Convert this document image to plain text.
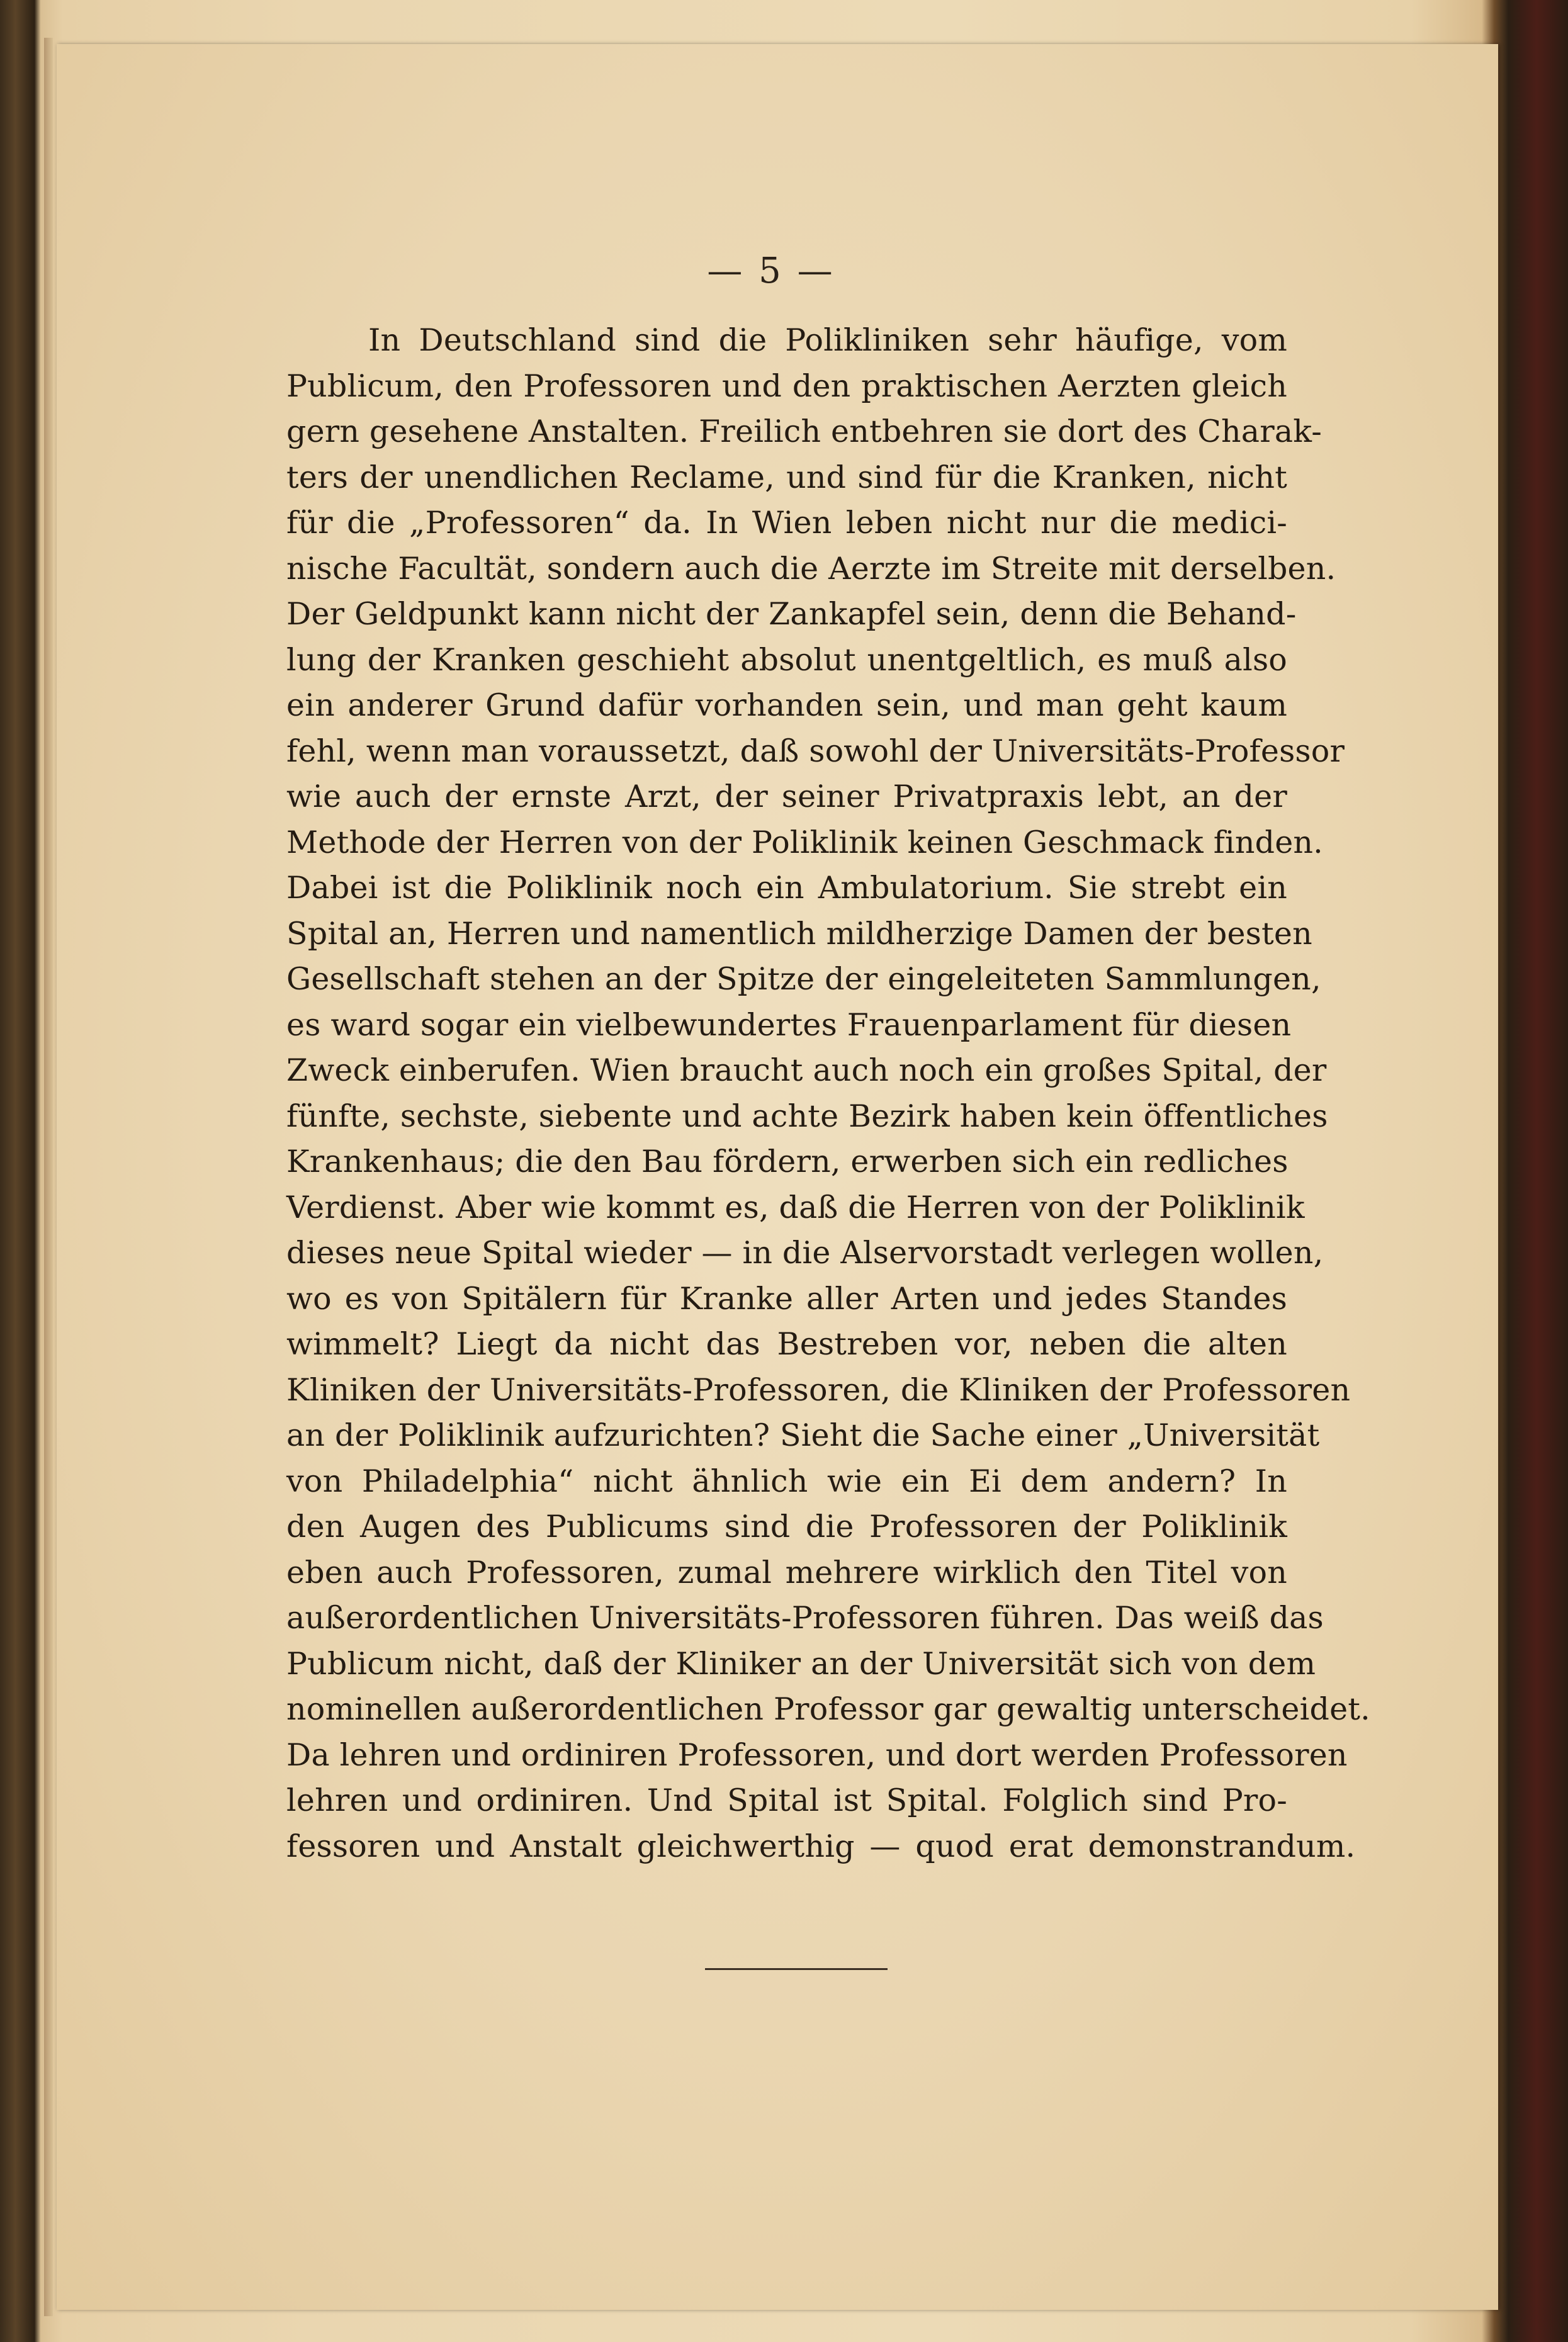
— 5 —
In Deutschland sind die Polikliniken sehr häufige, vom
Publicum, den Professoren und den praktischen Aerzten gleich
gern gesehene Anstalten. Freilich entbehren sie dort des Charak-
ters der unendlichen Reclame, und sind für die Kranken, nicht
für die „Professoren“ da. In Wien leben nicht nur die medici-
nische Facultät, sondern auch die Aerzte im Streite mit derselben.
Der Geldpunkt kann nicht der Zankapfel sein, denn die Behand-
lung der Kranken geschieht absolut unentgeltlich, es muß also
ein anderer Grund dafür vorhanden sein, und man geht kaum
fehl, wenn man voraussetzt, daß sowohl der Universitäts-Professor
wie auch der ernste Arzt, der seiner Privatpraxis lebt, an der
Methode der Herren von der Poliklinik keinen Geschmack finden.
Dabei ist die Poliklinik noch ein Ambulatorium. Sie strebt ein
Spital an, Herren und namentlich mildherzige Damen der besten
Gesellschaft stehen an der Spitze der eingeleiteten Sammlungen,
es ward sogar ein vielbewundertes Frauenparlament für diesen
Zweck einberufen. Wien braucht auch noch ein großes Spital, der
fünfte, sechste, siebente und achte Bezirk haben kein öffentliches
Krankenhaus; die den Bau fördern, erwerben sich ein redliches
Verdienst. Aber wie kommt es, daß die Herren von der Poliklinik
dieses neue Spital wieder — in die Alservorstadt verlegen wollen,
wo es von Spitälern für Kranke aller Arten und jedes Standes
wimmelt? Liegt da nicht das Bestreben vor, neben die alten
Kliniken der Universitäts-Professoren, die Kliniken der Professoren
an der Poliklinik aufzurichten? Sieht die Sache einer „Universität
von Philadelphia“ nicht ähnlich wie ein Ei dem andern? In
den Augen des Publicums sind die Professoren der Poliklinik
eben auch Professoren, zumal mehrere wirklich den Titel von
außerordentlichen Universitäts-Professoren führen. Das weiß das
Publicum nicht, daß der Kliniker an der Universität sich von dem
nominellen außerordentlichen Professor gar gewaltig unterscheidet.
Da lehren und ordiniren Professoren, und dort werden Professoren
lehren und ordiniren. Und Spital ist Spital. Folglich sind Pro-
fessoren und Anstalt gleichwerthig — quod erat demonstrandum.
